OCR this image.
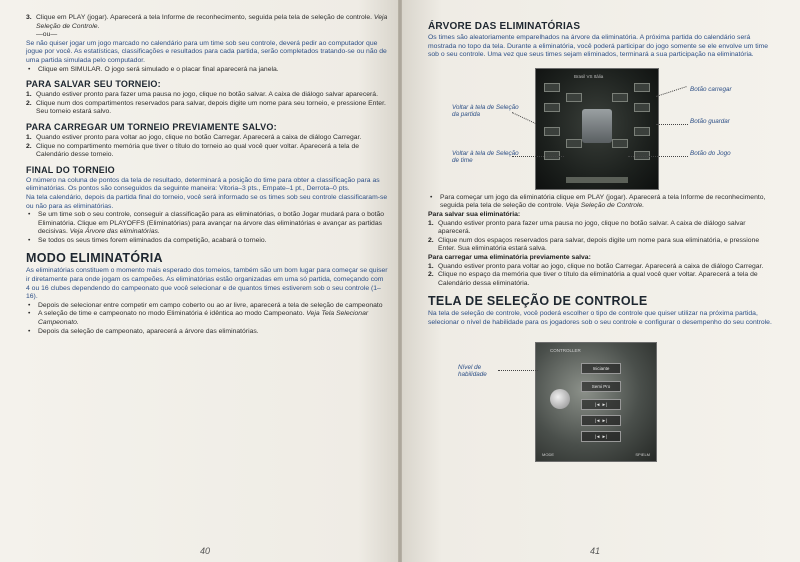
3. Clique em PLAY (jogar). Aparecerá a tela Informe de reconhecimento, seguida pela tela de seleção de controle. Veja Seleção de Controle.

—ou—

Se não quiser jogar um jogo marcado no calendário para um time sob seu controle, deverá pedir ao computador que jogue por você. As estatísticas, classificações e resultados para cada partida, serão completados tratando-se ou não de uma partida simulada pelo computador.

•	Clique em SIMULAR. O jogo será simulado e o placar final aparecerá na janela.
PARA SALVAR SEU TORNEIO:
1. Quando estiver pronto para fazer uma pausa no jogo, clique no botão salvar. A caixa de diálogo salvar aparecerá.
2. Clique num dos compartimentos reservados para salvar, depois digite um nome para seu torneio, e pressione Enter. Seu torneio estará salvo.
PARA CARREGAR UM TORNEIO PREVIAMENTE SALVO:
1. Quando estiver pronto para voltar ao jogo, clique no botão Carregar. Aparecerá a caixa de diálogo Carregar.
2. Clique no compartimento memória que tiver o título do torneio ao qual você quer voltar. Aparecerá a tela de Calendário desse torneio.
FINAL DO TORNEIO

O número na coluna de pontos da tela de resultado, determinará a posição do time para obter a classificação para as eliminatórias. Os pontos são conseguidos da seguinte maneira: Vitoria–3 pts., Empate–1 pt., Derrota–0 pts.

Na tela calendário, depois da partida final do torneio, você será informado se os times sob seu controle classificaram-se ou não para as eliminatórias.

•	Se um time sob o seu controle, conseguir a classificação para as eliminatórias, o botão Jogar mudará para o botão Eliminatória. Clique em PLAYOFFS (Eliminatórias) para avançar na árvore das eliminatórias e avançar as partidas decisivas. Veja Árvore das eliminatórias.
•	Se todos os seus times forem eliminados da competição, acabará o torneio.
MODO ELIMINATÓRIA

As eliminatórias constituem o momento mais esperado dos torneios, também são um bom lugar para começar se quiser ir diretamente para onde jogam os campeões. As eliminatórias estão organizadas em uma só partida, começando com 4 ou 16 clubes dependendo do campeonato que você selecionar e de quantos times estiverem sob o seu controle (1–16).

•	Depois de selecionar entre competir em campo coberto ou ao ar livre, aparecerá a tela de seleção de campeonato
•	A seleção de time e campeonato no modo Eliminatória é idêntica ao modo Campeonato. Veja Tela Selecionar Campeonato.
•	Depois da seleção de campeonato, aparecerá a árvore das eliminatórias.
40
ÁRVORE DAS ELIMINATÓRIAS

Os times são aleatoriamente emparelhados na árvore da eliminatória. A próxima partida do calendário será mostrada no topo da tela. Durante a eliminatória, você poderá participar do jogo somente se ele envolve um time sob o seu controle. Uma vez que seus times sejam eliminados, terminará a sua participação na eliminatória.

Brasil VS Itália
Voltar à tela de Seleção da partida
Voltar à tela de Seleção de time
Botão carregar
Botão guardar
Botão do Jogo
•	Para começar um jogo da eliminatória clique em PLAY (jogar). Aparecerá a tela Informe de reconhecimento, seguida pela tela de seleção de controle. Veja Seleção de Controle.

Para salvar sua eliminatória:

1. Quando estiver pronto para fazer uma pausa no jogo, clique no botão salvar. A caixa de diálogo salvar aparecerá.
2. Clique num dos espaços reservados para salvar, depois digite um nome para sua eliminatória, e pressione Enter. Sua eliminatória estará salva.

Para carregar uma eliminatória previamente salva:

1. Quando estiver pronto para voltar ao jogo, clique no botão Carregar. Aparecerá a caixa de diálogo Carregar.
2. Clique no espaço da memória que tiver o título da eliminatória a qual você quer voltar. Aparecerá a tela de Calendário dessa eliminatória.
TELA DE SELEÇÃO DE CONTROLE

Na tela de seleção de controle, você poderá escolher o tipo de controle que quiser utilizar na próxima partida, selecionar o nível de habilidade para os jogadores sob o seu controle e configurar o desempenho do seu controle.

CONTROLLER
Iniciante
Semi Pro
|◄ ►|
|◄ ►|
|◄ ►|
MODE	SPIELM
Nível de habilidade
41
